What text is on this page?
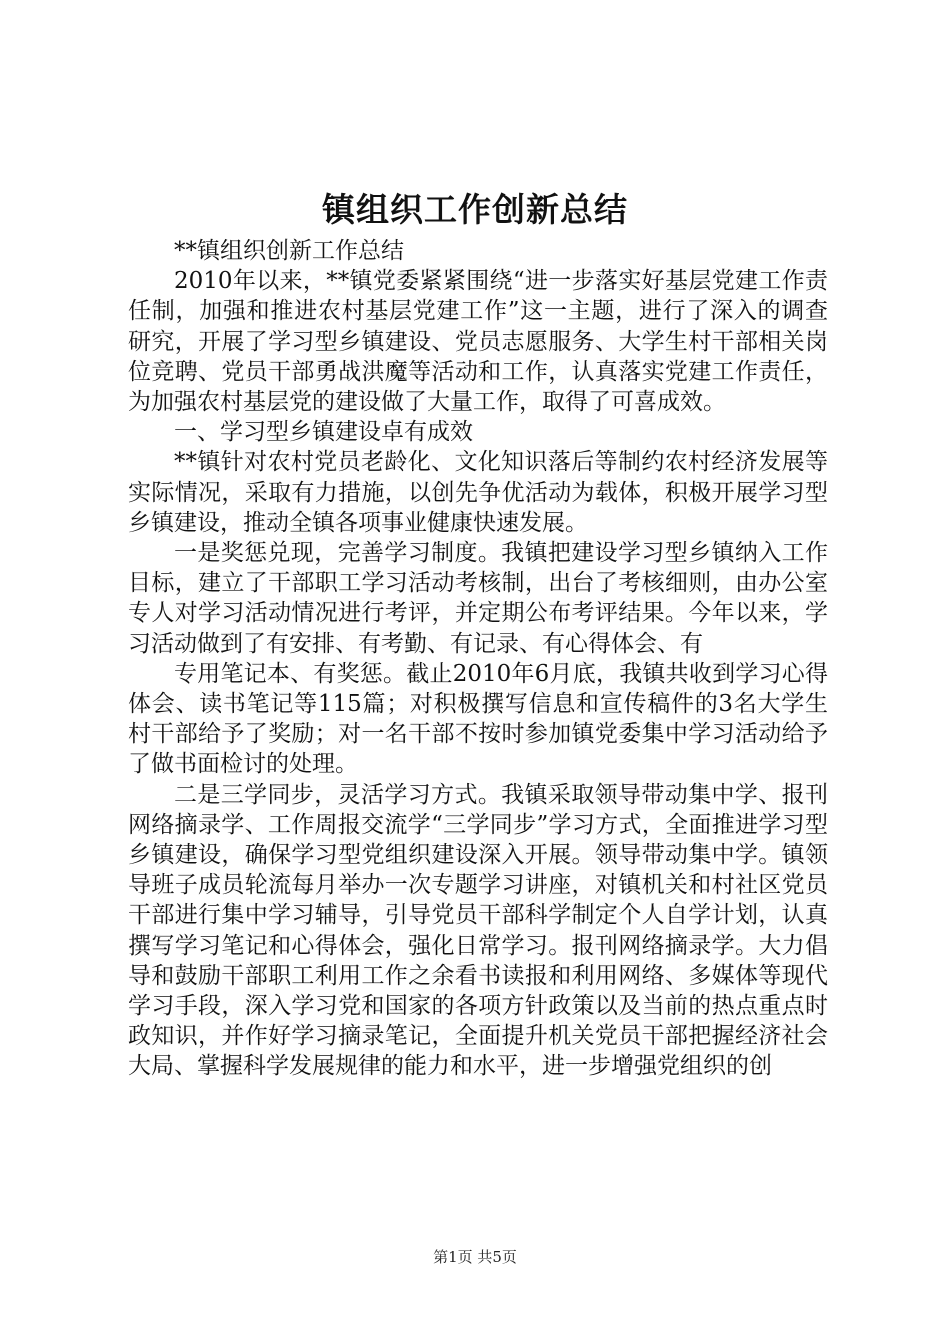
镇组织工作创新总结

**镇组织创新工作总结

2010年以来，**镇党委紧紧围绕“进一步落实好基层党建工作责任制，加强和推进农村基层党建工作”这一主题，进行了深入的调查研究，开展了学习型乡镇建设、党员志愿服务、大学生村干部相关岗位竞聘、党员干部勇战洪魔等活动和工作，认真落实党建工作责任，为加强农村基层党的建设做了大量工作，取得了可喜成效。

一、学习型乡镇建设卓有成效

**镇针对农村党员老龄化、文化知识落后等制约农村经济发展等实际情况，采取有力措施，以创先争优活动为载体，积极开展学习型乡镇建设，推动全镇各项事业健康快速发展。

一是奖惩兑现，完善学习制度。我镇把建设学习型乡镇纳入工作目标，建立了干部职工学习活动考核制，出台了考核细则，由办公室专人对学习活动情况进行考评，并定期公布考评结果。今年以来，学习活动做到了有安排、有考勤、有记录、有心得体会、有

专用笔记本、有奖惩。截止2010年6月底，我镇共收到学习心得体会、读书笔记等115篇；对积极撰写信息和宣传稿件的3名大学生村干部给予了奖励；对一名干部不按时参加镇党委集中学习活动给予了做书面检讨的处理。

二是三学同步，灵活学习方式。我镇采取领导带动集中学、报刊网络摘录学、工作周报交流学“三学同步”学习方式，全面推进学习型乡镇建设，确保学习型党组织建设深入开展。领导带动集中学。镇领导班子成员轮流每月举办一次专题学习讲座，对镇机关和村社区党员干部进行集中学习辅导，引导党员干部科学制定个人自学计划，认真撰写学习笔记和心得体会，强化日常学习。报刊网络摘录学。大力倡导和鼓励干部职工利用工作之余看书读报和利用网络、多媒体等现代学习手段，深入学习党和国家的各项方针政策以及当前的热点重点时政知识，并作好学习摘录笔记，全面提升机关党员干部把握经济社会大局、掌握科学发展规律的能力和水平，进一步增强党组织的创

第1页 共5页
